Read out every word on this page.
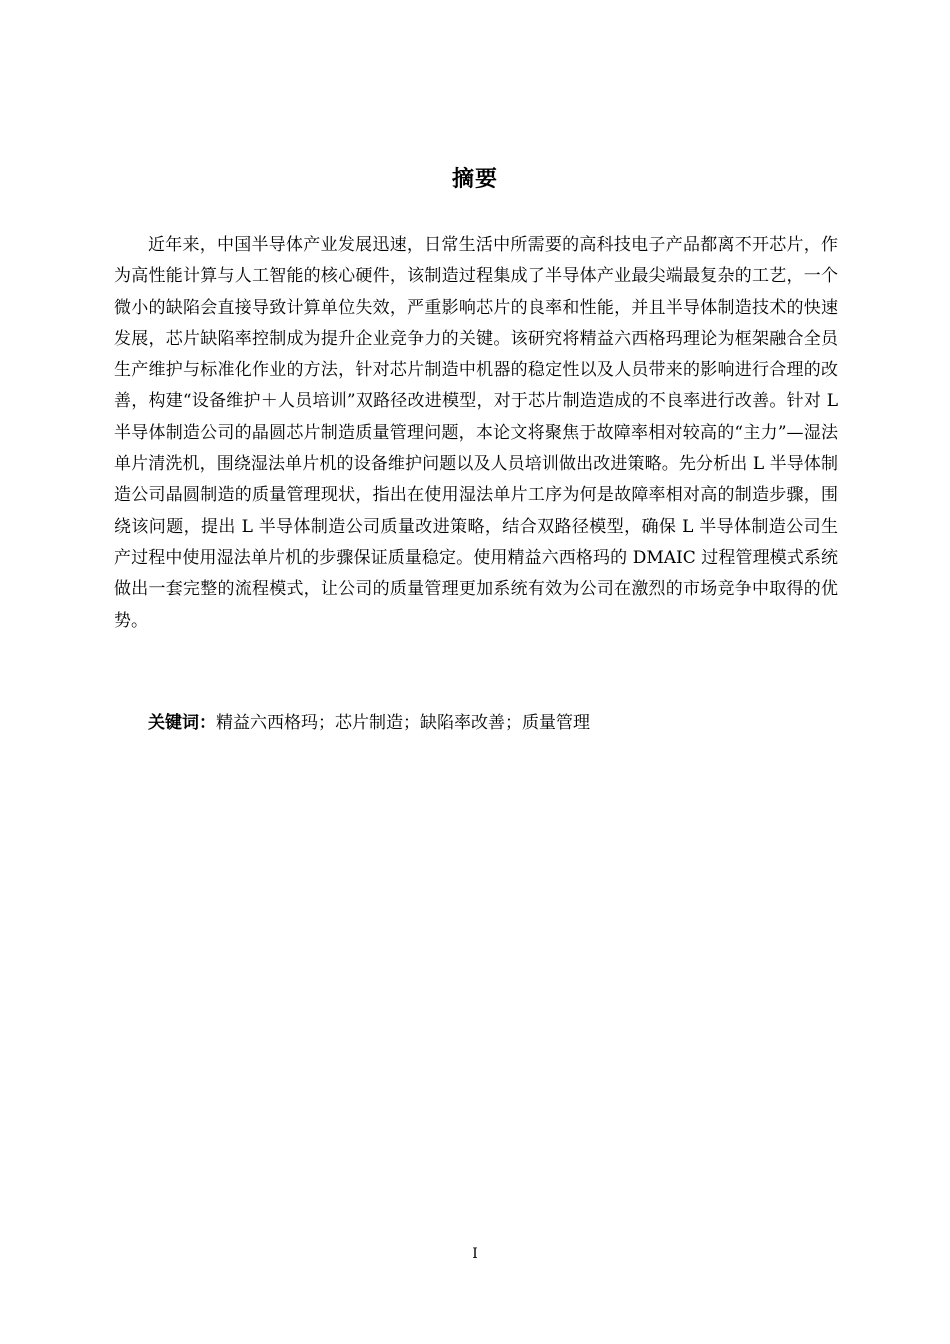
摘要

近年来，中国半导体产业发展迅速，日常生活中所需要的高科技电子产品都离不开芯片，作为高性能计算与人工智能的核心硬件，该制造过程集成了半导体产业最尖端最复杂的工艺，一个微小的缺陷会直接导致计算单位失效，严重影响芯片的良率和性能，并且半导体制造技术的快速发展，芯片缺陷率控制成为提升企业竞争力的关键。该研究将精益六西格玛理论为框架融合全员生产维护与标准化作业的方法，针对芯片制造中机器的稳定性以及人员带来的影响进行合理的改善，构建“设备维护＋人员培训”双路径改进模型，对于芯片制造造成的不良率进行改善。针对 L 半导体制造公司的晶圆芯片制造质量管理问题，本论文将聚焦于故障率相对较高的“主力”—湿法单片清洗机，围绕湿法单片机的设备维护问题以及人员培训做出改进策略。先分析出 L 半导体制造公司晶圆制造的质量管理现状，指出在使用湿法单片工序为何是故障率相对高的制造步骤，围绕该问题，提出 L 半导体制造公司质量改进策略，结合双路径模型，确保 L 半导体制造公司生产过程中使用湿法单片机的步骤保证质量稳定。使用精益六西格玛的 DMAIC 过程管理模式系统做出一套完整的流程模式，让公司的质量管理更加系统有效为公司在激烈的市场竞争中取得的优势。

关键词：精益六西格玛；芯片制造；缺陷率改善；质量管理

I
